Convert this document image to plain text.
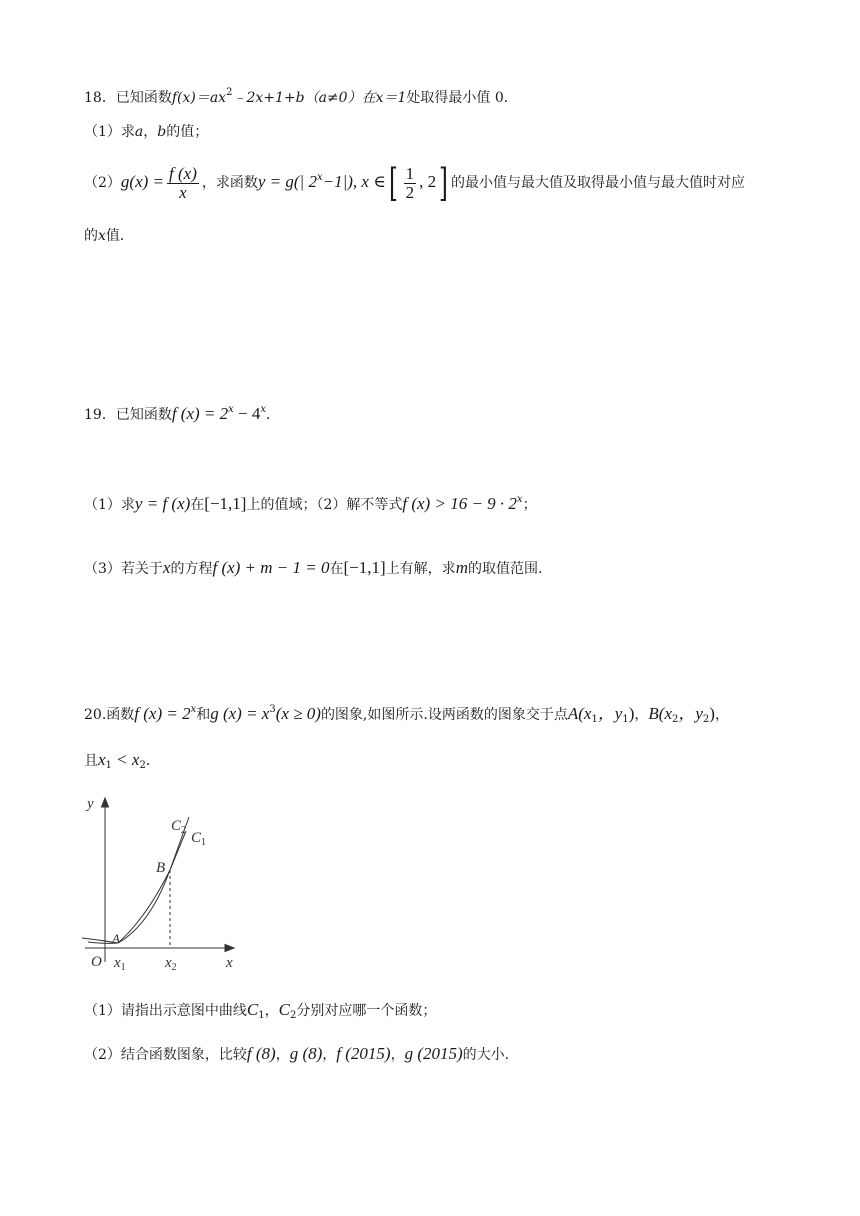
18．已知函数$f(x)=ax^2﹣2x+1+b(a\ne 0)$在x＝1处取得最小值 0．
（1）求a，b的值；
$(2)g(x) = \frac{f (x)}{x}$ ，求函数y = g(| $2^x-1|$), x ∈[ $\frac{1}{2}$ , 2] 的最小值与最大值及取得最小值与最大值时对应
的x值．
19．已知函数f $(x) = 2^x - 4^x$．
（1）求y = f (x)在[−1,1]上的值域；（2）解不等式f $(x) > 16 - 9 \cdot 2^x$；
（3）若关于x的方程f (x) + m − 1 = 0在[−1,1]上有解，求m的取值范围.
20.函数f $(x) = 2^x$和g $(x) = x^3(x \ge 0)$的图象,如图所示.设两函数的图象交于点$A(x_1$，$y_1$)，$B(x_2$，$y_2$)，
且$x_1 < x_2$．
y
x
O
A
B
$x_1$	$x_2$
$C_2$ $C_1$
（1）请指出示意图中曲线$C_1$，$C_2$分别对应哪一个函数；
（2）结合函数图象，比较f (8)，g (8)，f (2015)，g (2015)的大小.
